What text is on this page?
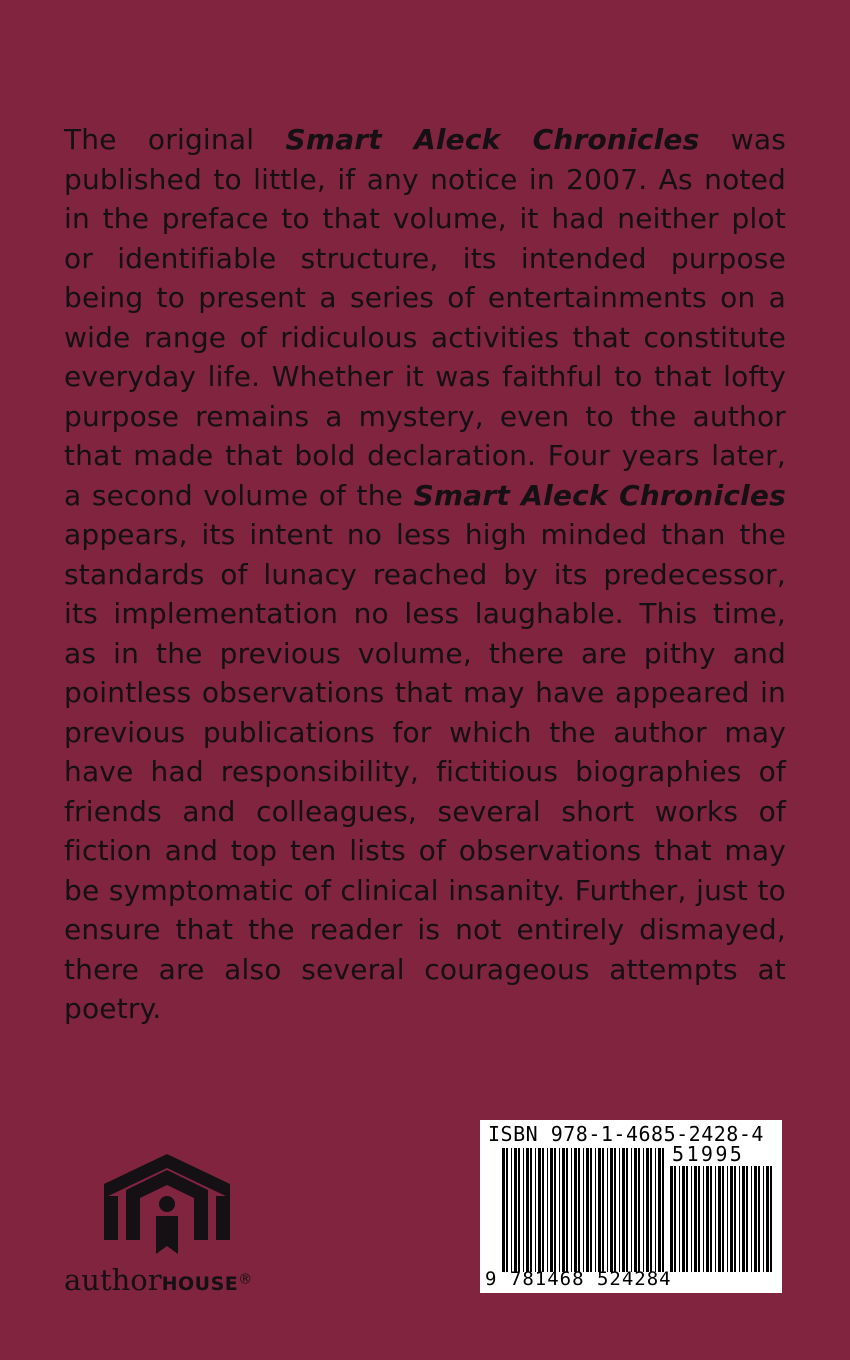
The original Smart Aleck Chronicles was published to little, if any notice in 2007. As noted in the preface to that volume, it had neither plot or identifiable structure, its intended purpose being to present a series of entertainments on a wide range of ridiculous activities that constitute everyday life. Whether it was faithful to that lofty purpose remains a mystery, even to the author that made that bold declaration. Four years later, a second volume of the Smart Aleck Chronicles appears, its intent no less high minded than the standards of lunacy reached by its predecessor, its implementation no less laughable. This time, as in the previous volume, there are pithy and pointless observations that may have appeared in previous publications for which the author may have had responsibility, fictitious biographies of friends and colleagues, several short works of fiction and top ten lists of observations that may be symptomatic of clinical insanity. Further, just to ensure that the reader is not entirely dismayed, there are also several courageous attempts at poetry.

authorHOUSE®
ISBN 978-1-4685-2428-4
51995
9 781468 524284
